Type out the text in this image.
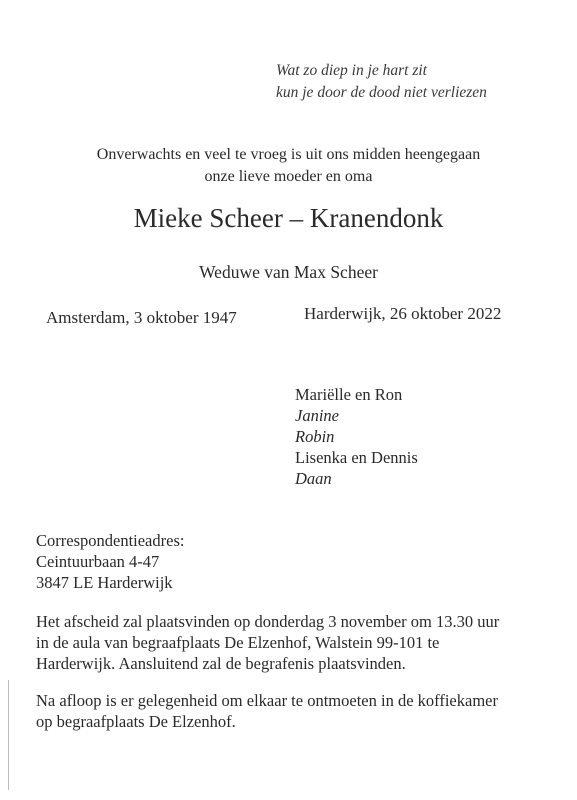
Wat zo diep in je hart zit
kun je door de dood niet verliezen
Onverwachts en veel te vroeg is uit ons midden heengegaan
onze lieve moeder en oma
Mieke Scheer – Kranendonk
Weduwe van Max Scheer
Amsterdam, 3 oktober 1947	Harderwijk, 26 oktober 2022
Mariëlle en Ron
Janine
Robin
Lisenka en Dennis
Daan
Correspondentieadres:
Ceintuurbaan 4-47
3847 LE Harderwijk
Het afscheid zal plaatsvinden op donderdag 3 november om 13.30 uur
in de aula van begraafplaats De Elzenhof, Walstein 99-101 te
Harderwijk. Aansluitend zal de begrafenis plaatsvinden.
Na afloop is er gelegenheid om elkaar te ontmoeten in de koffiekamer
op begraafplaats De Elzenhof.
